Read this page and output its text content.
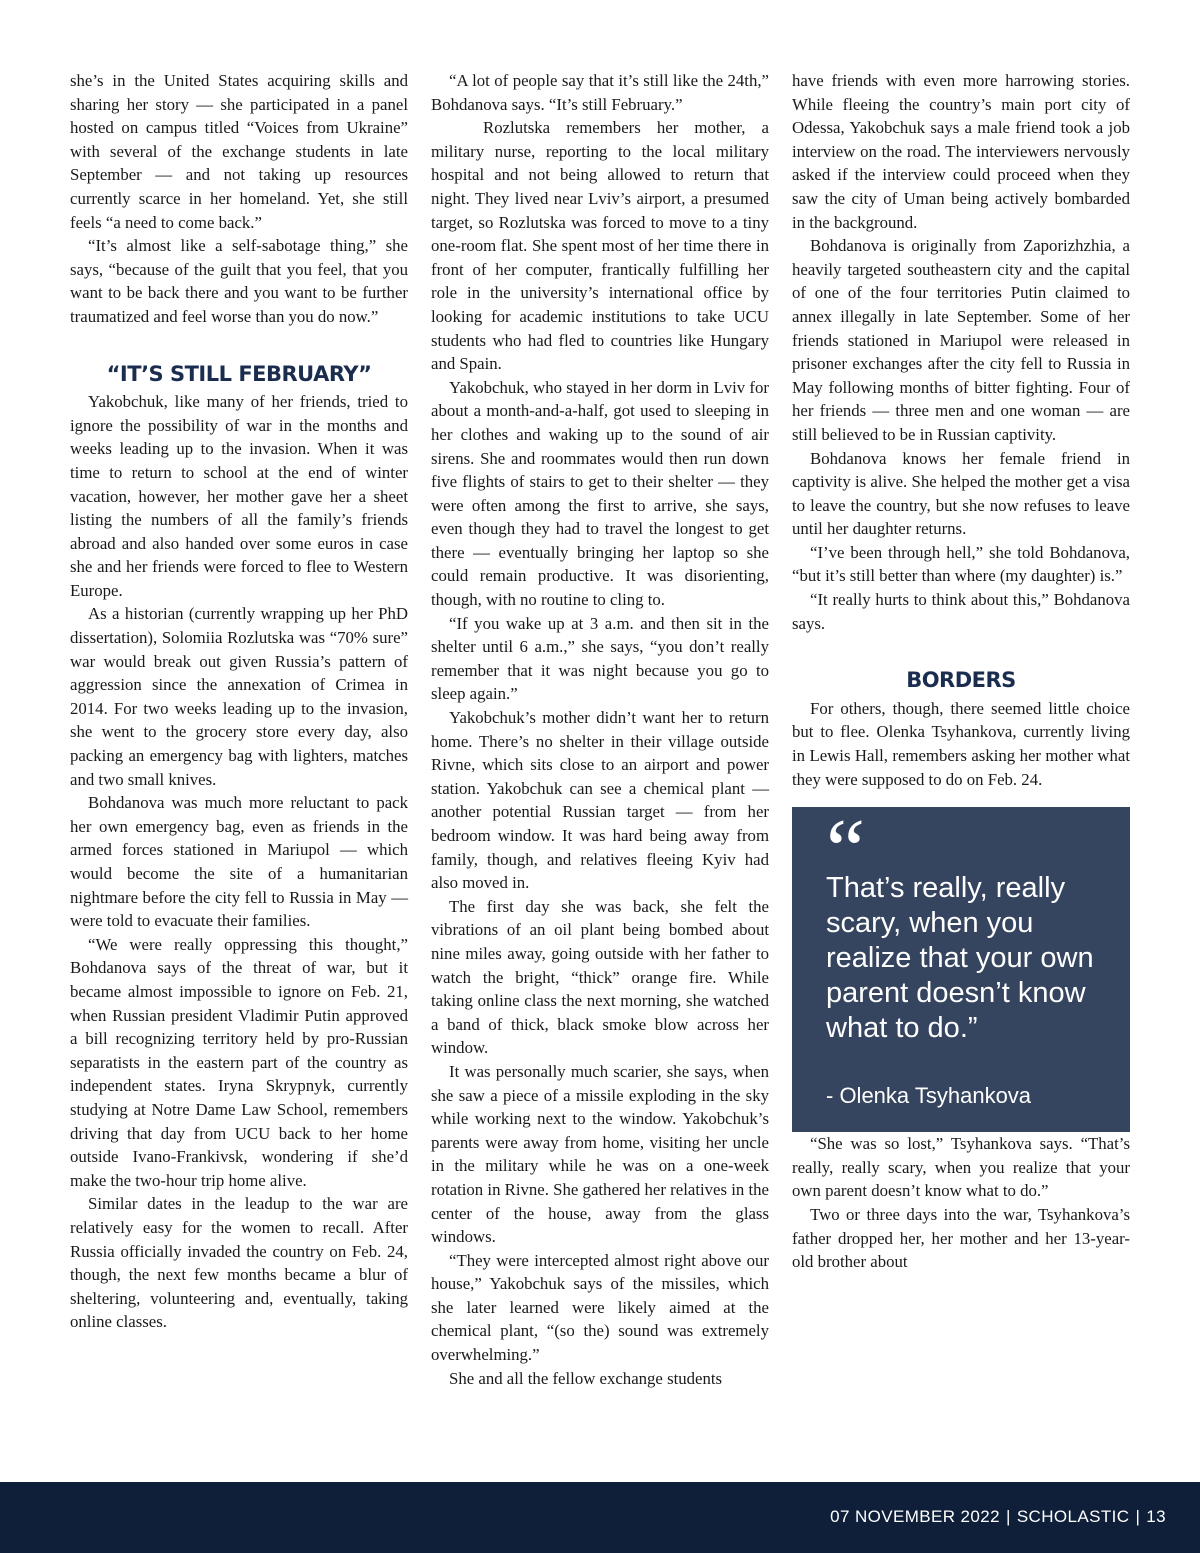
she’s in the United States acquiring skills and sharing her story — she participated in a panel hosted on campus titled “Voices from Ukraine” with several of the exchange students in late September — and not taking up resources currently scarce in her homeland. Yet, she still feels “a need to come back.”

“It’s almost like a self-sabotage thing,” she says, “because of the guilt that you feel, that you want to be back there and you want to be further traumatized and feel worse than you do now.”

“IT’S STILL FEBRUARY”

Yakobchuk, like many of her friends, tried to ignore the possibility of war in the months and weeks leading up to the invasion. When it was time to return to school at the end of winter vacation, however, her mother gave her a sheet listing the numbers of all the family’s friends abroad and also handed over some euros in case she and her friends were forced to flee to Western Europe.

As a historian (currently wrapping up her PhD dissertation), Solomiia Rozlutska was “70% sure” war would break out given Russia’s pattern of aggression since the annexation of Crimea in 2014. For two weeks leading up to the invasion, she went to the grocery store every day, also packing an emergency bag with lighters, matches and two small knives.

Bohdanova was much more reluctant to pack her own emergency bag, even as friends in the armed forces stationed in Mariupol — which would become the site of a humanitarian nightmare before the city fell to Russia in May — were told to evacuate their families.

“We were really oppressing this thought,” Bohdanova says of the threat of war, but it became almost impossible to ignore on Feb. 21, when Russian president Vladimir Putin approved a bill recognizing territory held by pro-Russian separatists in the eastern part of the country as independent states. Iryna Skrypnyk, currently studying at Notre Dame Law School, remembers driving that day from UCU back to her home outside Ivano-Frankivsk, wondering if she’d make the two-hour trip home alive.

Similar dates in the leadup to the war are relatively easy for the women to recall. After Russia officially invaded the country on Feb. 24, though, the next few months became a blur of sheltering, volunteering and, eventually, taking online classes.

“A lot of people say that it’s still like the 24th,” Bohdanova says. “It’s still February.”

Rozlutska remembers her mother, a military nurse, reporting to the local military hospital and not being allowed to return that night. They lived near Lviv’s airport, a presumed target, so Rozlutska was forced to move to a tiny one-room flat. She spent most of her time there in front of her computer, frantically fulfilling her role in the university’s international office by looking for academic institutions to take UCU students who had fled to countries like Hungary and Spain.

Yakobchuk, who stayed in her dorm in Lviv for about a month-and-a-half, got used to sleeping in her clothes and waking up to the sound of air sirens. She and roommates would then run down five flights of stairs to get to their shelter — they were often among the first to arrive, she says, even though they had to travel the longest to get there — eventually bringing her laptop so she could remain productive. It was disorienting, though, with no routine to cling to.

“If you wake up at 3 a.m. and then sit in the shelter until 6 a.m.,” she says, “you don’t really remember that it was night because you go to sleep again.”

Yakobchuk’s mother didn’t want her to return home. There’s no shelter in their village outside Rivne, which sits close to an airport and power station. Yakobchuk can see a chemical plant — another potential Russian target — from her bedroom window. It was hard being away from family, though, and relatives fleeing Kyiv had also moved in.

The first day she was back, she felt the vibrations of an oil plant being bombed about nine miles away, going outside with her father to watch the bright, “thick” orange fire. While taking online class the next morning, she watched a band of thick, black smoke blow across her window.

It was personally much scarier, she says, when she saw a piece of a missile exploding in the sky while working next to the window. Yakobchuk’s parents were away from home, visiting her uncle in the military while he was on a one-week rotation in Rivne. She gathered her relatives in the center of the house, away from the glass windows.

“They were intercepted almost right above our house,” Yakobchuk says of the missiles, which she later learned were likely aimed at the chemical plant, “(so the) sound was extremely overwhelming.”

She and all the fellow exchange students

have friends with even more harrowing stories. While fleeing the country’s main port city of Odessa, Yakobchuk says a male friend took a job interview on the road. The interviewers nervously asked if the interview could proceed when they saw the city of Uman being actively bombarded in the background.

Bohdanova is originally from Zaporizhzhia, a heavily targeted southeastern city and the capital of one of the four territories Putin claimed to annex illegally in late September. Some of her friends stationed in Mariupol were released in prisoner exchanges after the city fell to Russia in May following months of bitter fighting. Four of her friends — three men and one woman — are still believed to be in Russian captivity.

Bohdanova knows her female friend in captivity is alive. She helped the mother get a visa to leave the country, but she now refuses to leave until her daughter returns.

“I’ve been through hell,” she told Bohdanova, “but it’s still better than where (my daughter) is.”

“It really hurts to think about this,” Bohdanova says.

BORDERS

For others, though, there seemed little choice but to flee. Olenka Tsyhankova, currently living in Lewis Hall, remembers asking her mother what they were supposed to do on Feb. 24.

“
That’s really, really scary, when you realize that your own parent doesn’t know what to do.”
- Olenka Tsyhankova

“She was so lost,” Tsyhankova says. “That’s really, really scary, when you realize that your own parent doesn’t know what to do.”

Two or three days into the war, Tsyhankova’s father dropped her, her mother and her 13-year-old brother about

07 NOVEMBER 2022 | SCHOLASTIC | 13
